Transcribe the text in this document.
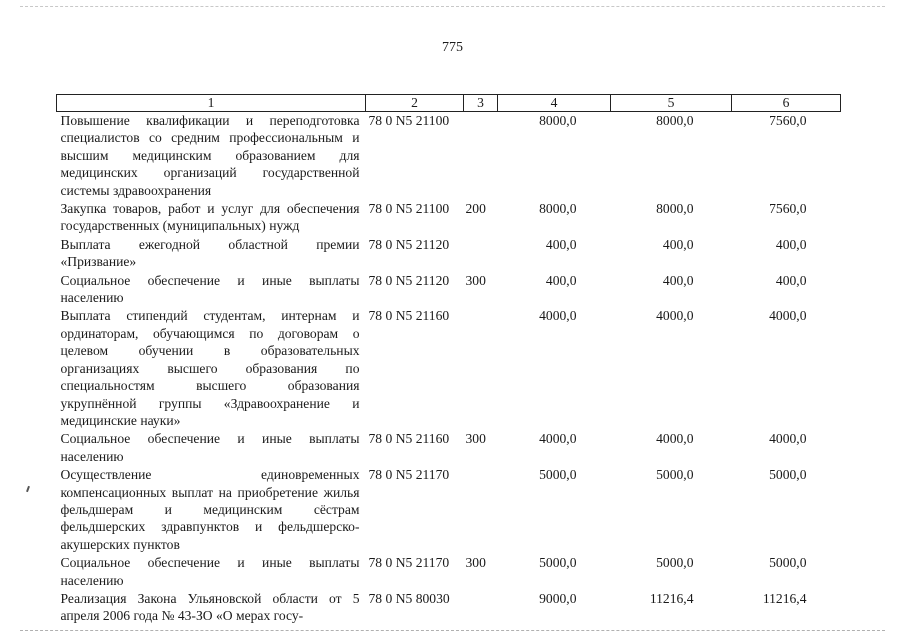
775
1	2	3	4	5	6
Повышение квалификации и переподготовка специалистов со средним профессиональным и высшим медицинским образованием для медицинских организаций государственной системы здравоохранения	78 0 N5 21100		8000,0	8000,0	7560,0
Закупка товаров, работ и услуг для обеспечения государственных (муниципальных) нужд	78 0 N5 21100	200	8000,0	8000,0	7560,0
Выплата ежегодной областной премии «Призвание»	78 0 N5 21120		400,0	400,0	400,0
Социальное обеспечение и иные выплаты населению	78 0 N5 21120	300	400,0	400,0	400,0
Выплата стипендий студентам, интернам и ординаторам, обучающимся по договорам о целевом обучении в образовательных организациях высшего образования по специальностям высшего образования укрупнённой группы «Здравоохранение и медицинские науки»	78 0 N5 21160		4000,0	4000,0	4000,0
Социальное обеспечение и иные выплаты населению	78 0 N5 21160	300	4000,0	4000,0	4000,0
Осуществление единовременных компенсационных выплат на приобретение жилья фельдшерам и медицинским сёстрам фельдшерских здравпунктов и фельдшерско-акушерских пунктов	78 0 N5 21170		5000,0	5000,0	5000,0
Социальное обеспечение и иные выплаты населению	78 0 N5 21170	300	5000,0	5000,0	5000,0
Реализация Закона Ульяновской области от 5 апреля 2006 года № 43-ЗО «О мерах госу-	78 0 N5 80030		9000,0	11216,4	11216,4
